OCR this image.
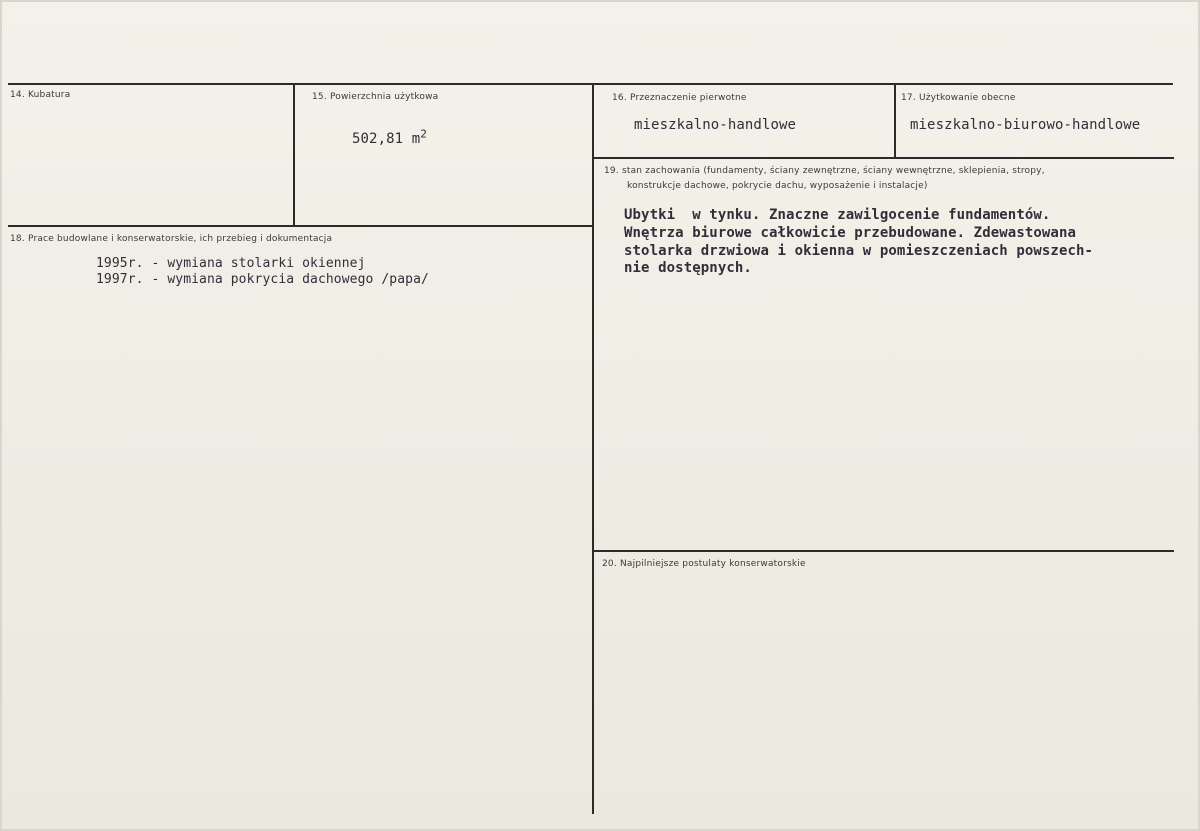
14. Kubatura	15. Powierzchnia użytkowa
502,81 $m^2$
16. Przeznaczenie pierwotne
mieszkalno-handlowe
17. Użytkowanie obecne
mieszkalno-biurowo-handlowe
18. Prace budowlane i konserwatorskie, ich przebieg i dokumentacja
1995r. - wymiana stolarki okiennej
1997r. - wymiana pokrycia dachowego /papa/
19. stan zachowania (fundamenty, ściany zewnętrzne, ściany wewnętrzne, sklepienia, stropy,
konstrukcje dachowe, pokrycie dachu, wyposażenie i instalacje)
Ubytki  w tynku. Znaczne zawilgocenie fundamentów.
Wnętrza biurowe całkowicie przebudowane. Zdewastowana
stolarka drzwiowa i okienna w pomieszczeniach powszech-
nie dostępnych.
20. Najpilniejsze postulaty konserwatorskie
